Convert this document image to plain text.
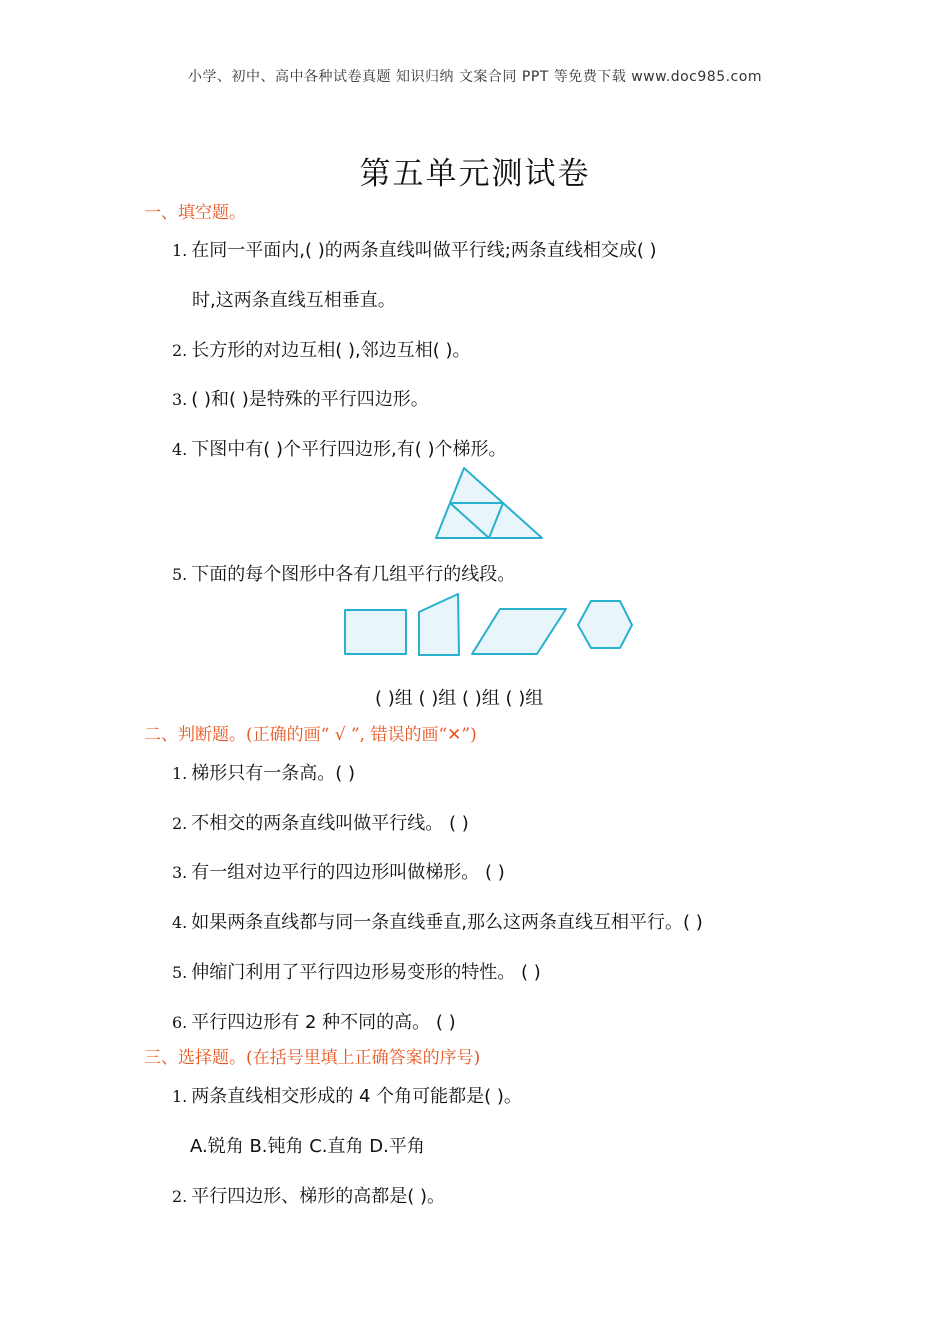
小学、初中、高中各种试卷真题 知识归纳 文案合同 PPT 等免费下载 www.doc985.com
第五单元测试卷
一、填空题。
1. 在同一平面内,( )的两条直线叫做平行线;两条直线相交成( )
时,这两条直线互相垂直。
2. 长方形的对边互相( ),邻边互相( )。
3. ( )和( )是特殊的平行四边形。
4. 下图中有( )个平行四边形,有( )个梯形。
5. 下面的每个图形中各有几组平行的线段。
( )组 ( )组 ( )组 ( )组
二、判断题。(正确的画“ √ ”, 错误的画“✕”)
1. 梯形只有一条高。( )
2. 不相交的两条直线叫做平行线。 ( )
3. 有一组对边平行的四边形叫做梯形。 ( )
4. 如果两条直线都与同一条直线垂直,那么这两条直线互相平行。( )
5. 伸缩门利用了平行四边形易变形的特性。 ( )
6. 平行四边形有 2 种不同的高。 ( )
三、选择题。(在括号里填上正确答案的序号)
1. 两条直线相交形成的 4 个角可能都是( )。
A.锐角 B.钝角 C.直角 D.平角
2. 平行四边形、梯形的高都是( )。
